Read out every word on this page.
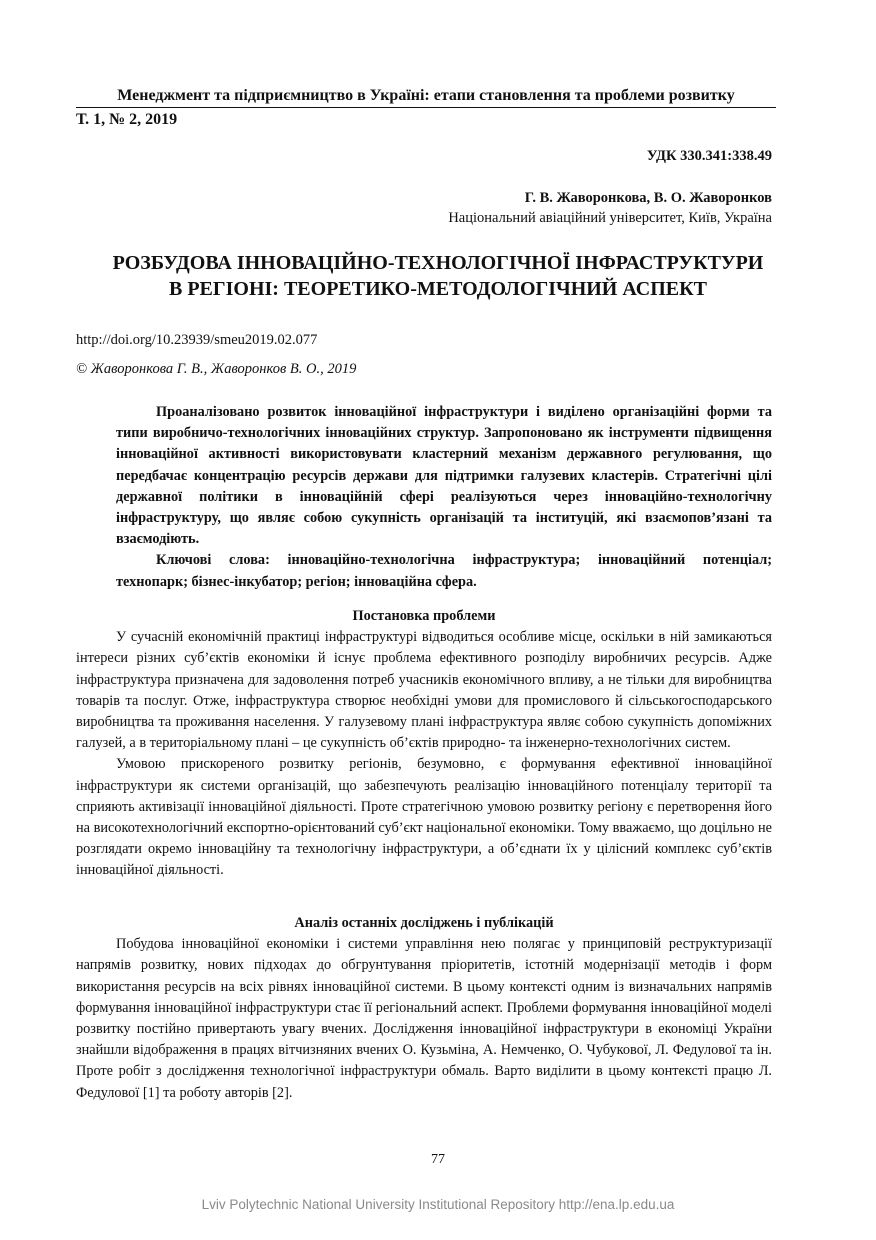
Менеджмент та підприємництво в Україні: етапи становлення та проблеми розвитку
Т. 1, № 2, 2019
УДК 330.341:338.49
Г. В. Жаворонкова, В. О. Жаворонков
Національний авіаційний університет, Київ, Україна
РОЗБУДОВА ІННОВАЦІЙНО-ТЕХНОЛОГІЧНОЇ ІНФРАСТРУКТУРИ
В РЕГІОНІ: ТЕОРЕТИКО-МЕТОДОЛОГІЧНИЙ АСПЕКТ
http://doi.org/10.23939/smeu2019.02.077
© Жаворонкова Г. В., Жаворонков В. О., 2019

Проаналізовано розвиток інноваційної інфраструктури і виділено організаційні форми та типи виробничо-технологічних інноваційних структур. Запропоновано як інструменти підвищення інноваційної активності використовувати кластерний механізм державного регулювання, що передбачає концентрацію ресурсів держави для підтримки галузевих кластерів. Стратегічні цілі державної політики в інноваційній сфері реалізуються через інноваційно-технологічну інфраструктуру, що являє собою сукупність організацій та інституцій, які взаємопов’язані та взаємодіють.

Ключові слова: інноваційно-технологічна інфраструктура; інноваційний потенціал; технопарк; бізнес-інкубатор; регіон; інноваційна сфера.

Постановка проблеми

У сучасній економічній практиці інфраструктурі відводиться особливе місце, оскільки в ній замикаються інтереси різних суб’єктів економіки й існує проблема ефективного розподілу виробничих ресурсів. Адже інфраструктура призначена для задоволення потреб учасників економічного впливу, а не тільки для виробництва товарів та послуг. Отже, інфраструктура створює необхідні умови для промислового й сільськогосподарського виробництва та проживання населення. У галузевому плані інфраструктура являє собою сукупність допоміжних галузей, а в територіальному плані – це сукупність об’єктів природно- та інженерно-технологічних систем.

Умовою прискореного розвитку регіонів, безумовно, є формування ефективної інноваційної інфраструктури як системи організацій, що забезпечують реалізацію інноваційного потенціалу території та сприяють активізації інноваційної діяльності. Проте стратегічною умовою розвитку регіону є перетворення його на високотехнологічний експортно-орієнтований суб’єкт національної економіки. Тому вважаємо, що доцільно не розглядати окремо інноваційну та технологічну інфраструктури, а об’єднати їх у цілісний комплекс суб’єктів інноваційної діяльності.

Аналіз останніх досліджень і публікацій

Побудова інноваційної економіки і системи управління нею полягає у принциповій реструктуризації напрямів розвитку, нових підходах до обгрунтування пріоритетів, істотній модернізації методів і форм використання ресурсів на всіх рівнях інноваційної системи. В цьому контексті одним із визначальних напрямів формування інноваційної інфраструктури стає її регіональний аспект. Проблеми формування інноваційної моделі розвитку постійно привертають увагу вчених. Дослідження інноваційної інфраструктури в економіці України знайшли відображення в працях вітчизняних вчених О. Кузьміна, А. Немченко, О. Чубукової, Л. Федулової та ін. Проте робіт з дослідження технологічної інфраструктури обмаль. Варто виділити в цьому контексті працю Л. Федулової [1] та роботу авторів [2].

77
Lviv Polytechnic National University Institutional Repository http://ena.lp.edu.ua
